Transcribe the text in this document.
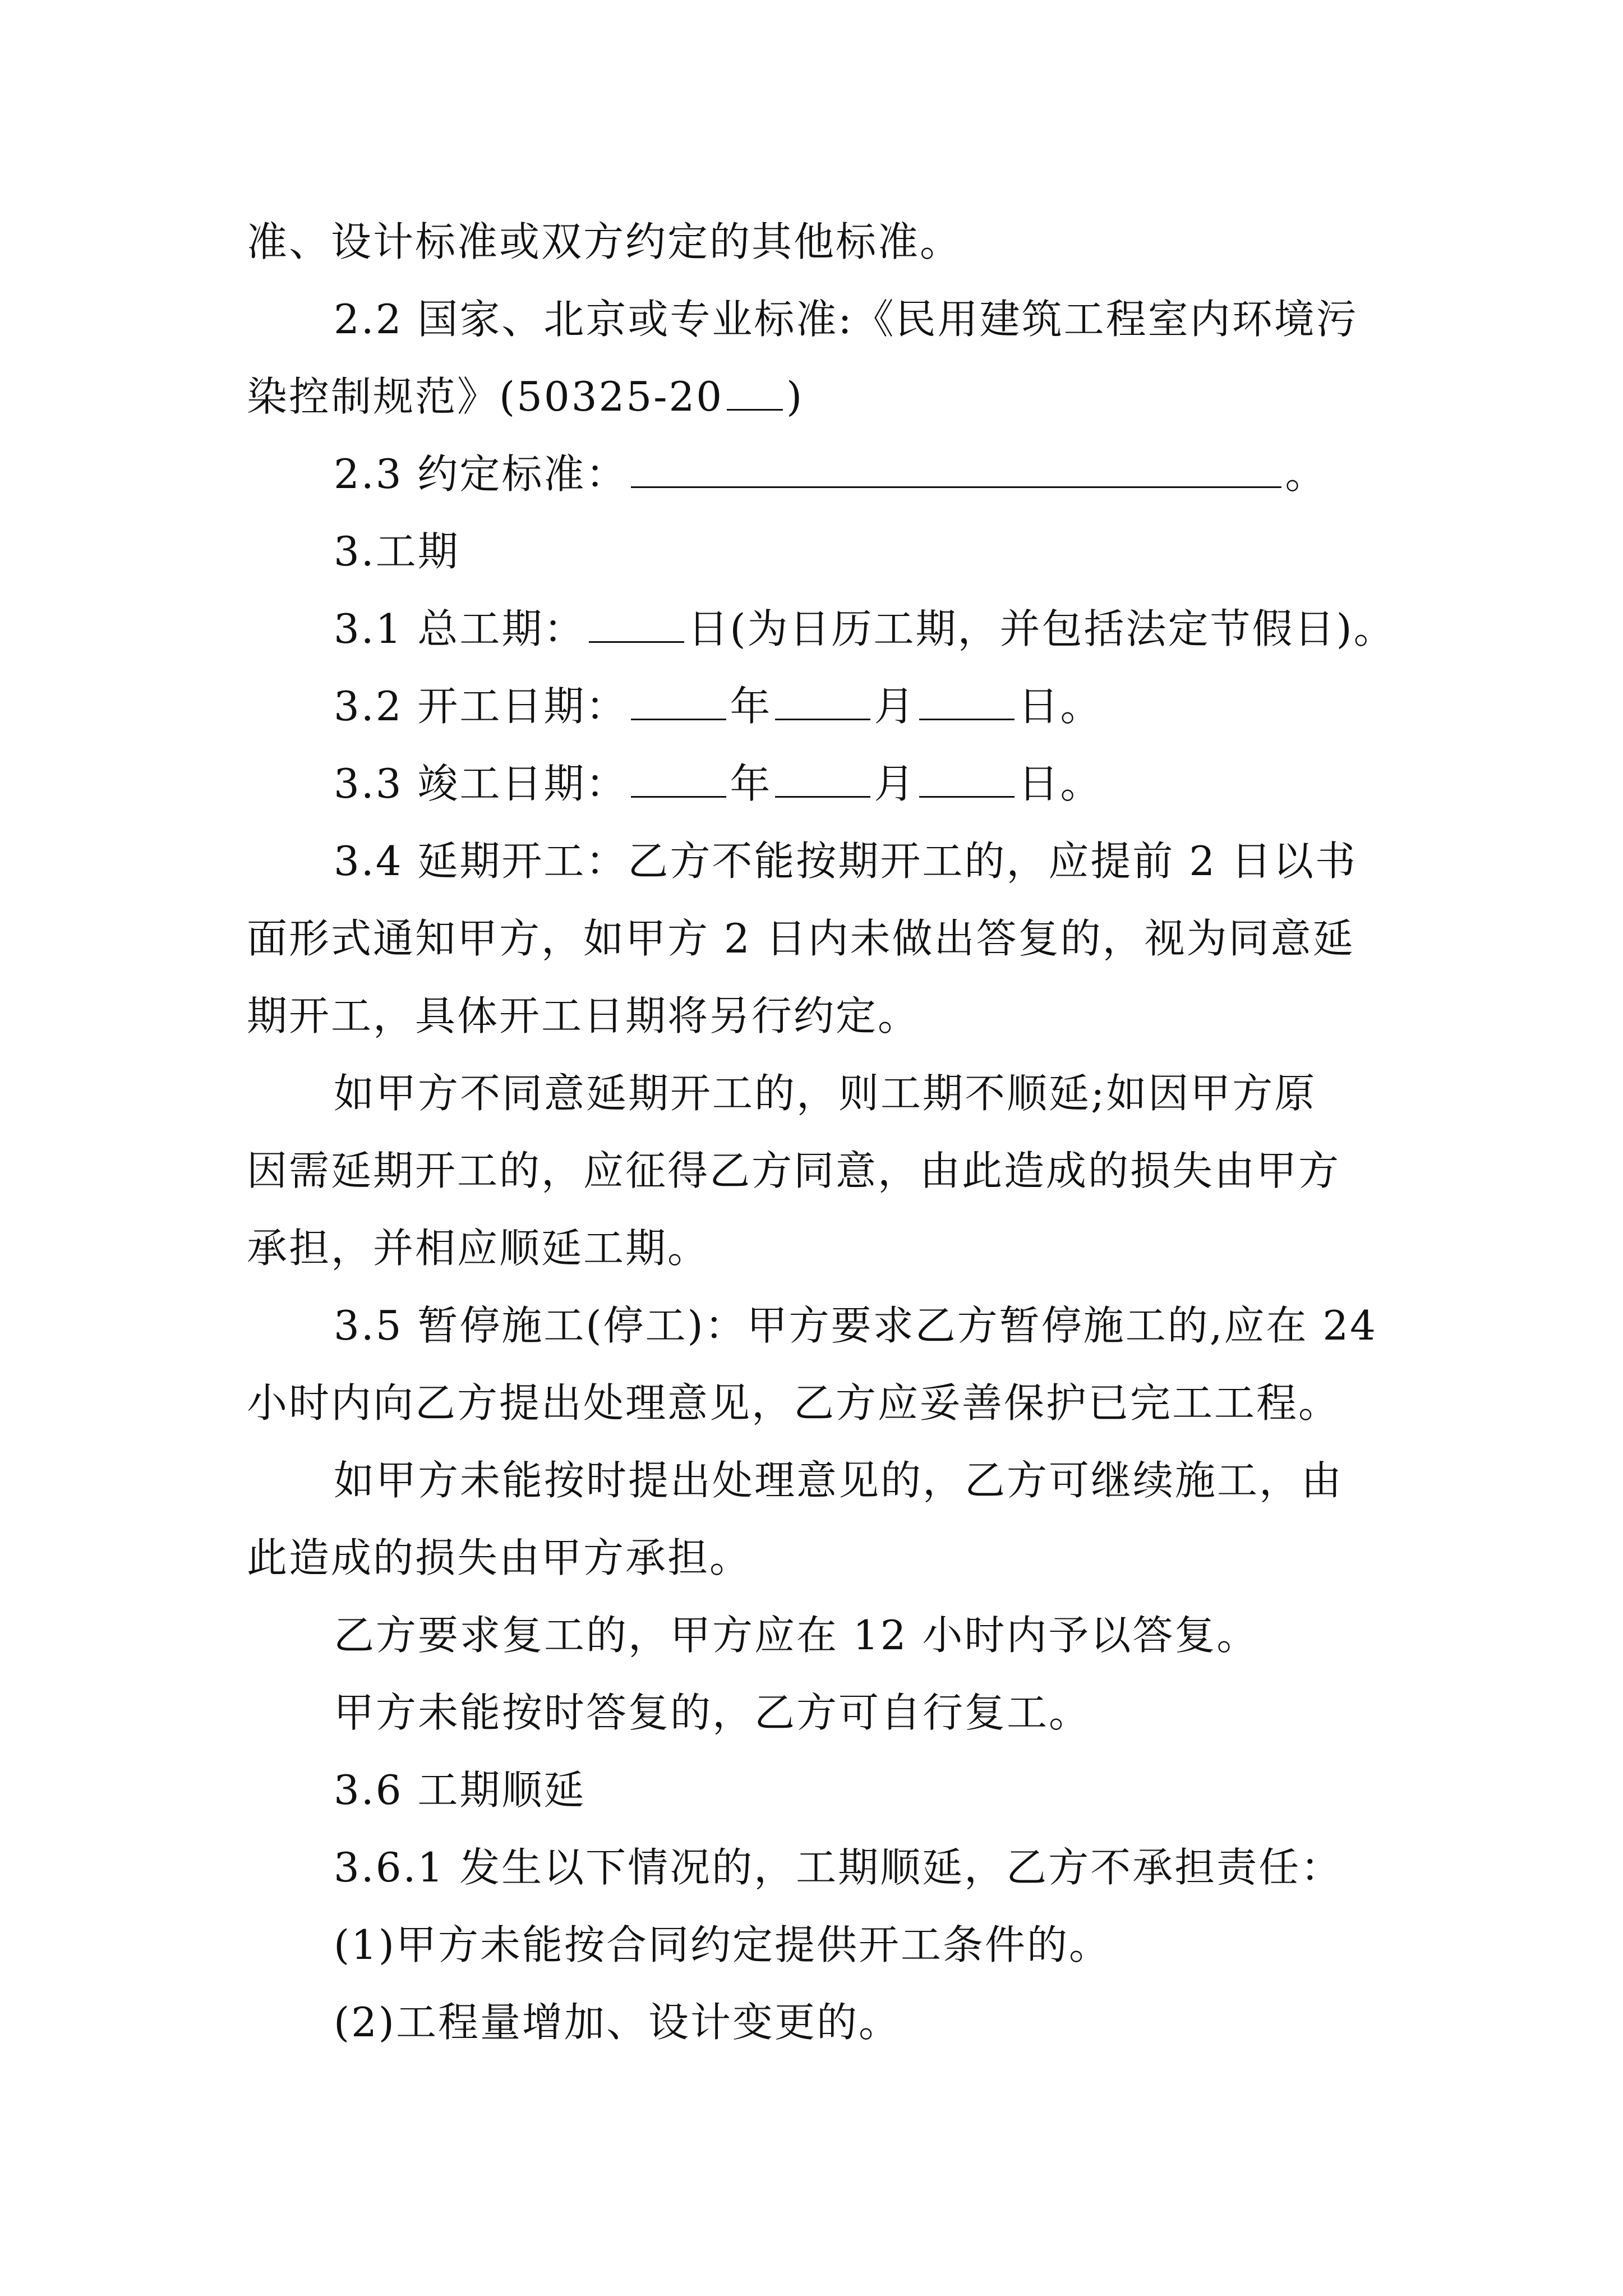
准、设计标准或双方约定的其他标准。
2.2 国家、北京或专业标准:《民用建筑工程室内环境污
染控制规范》(50325-20 )
2.3 约定标准：	。
3.工期
3.1 总工期：	日(为日历工期，并包括法定节假日)。
3.2 开工日期：	年	月	日。
3.3 竣工日期：	年	月	日。
3.4 延期开工：乙方不能按期开工的，应提前 2 日以书
面形式通知甲方，如甲方 2 日内未做出答复的，视为同意延
期开工，具体开工日期将另行约定。
如甲方不同意延期开工的，则工期不顺延;如因甲方原
因需延期开工的，应征得乙方同意，由此造成的损失由甲方
承担，并相应顺延工期。
3.5 暂停施工(停工)：甲方要求乙方暂停施工的,应在 24
小时内向乙方提出处理意见，乙方应妥善保护已完工工程。
如甲方未能按时提出处理意见的，乙方可继续施工，由
此造成的损失由甲方承担。
乙方要求复工的，甲方应在 12 小时内予以答复。
甲方未能按时答复的，乙方可自行复工。
3.6 工期顺延
3.6.1 发生以下情况的，工期顺延，乙方不承担责任：
(1)甲方未能按合同约定提供开工条件的。
(2)工程量增加、设计变更的。
